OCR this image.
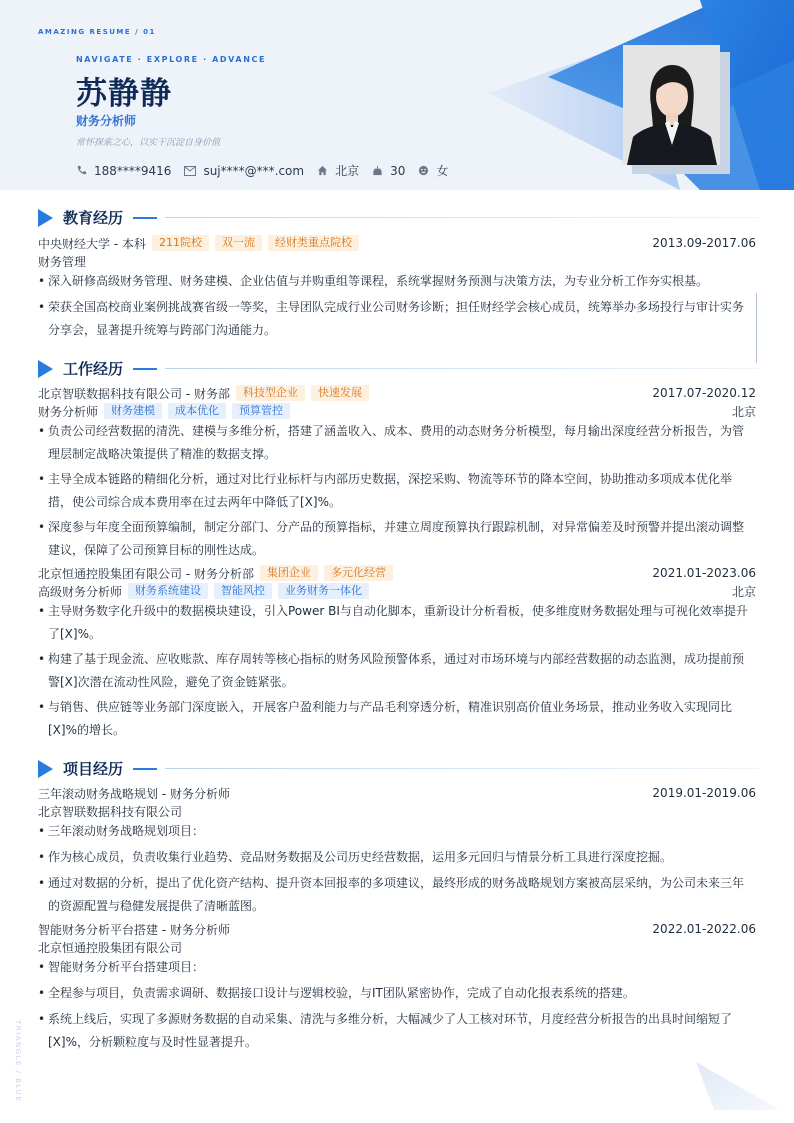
AMAZING RESUME / 01
NAVIGATE · EXPLORE · ADVANCE
苏静静
财务分析师
常怀探索之心，以实干沉淀自身价值
188****9416	suj****@***.com	北京	30	女
教育经历
中央财经大学 - 本科	211院校	双一流	经财类重点院校	2013.09-2017.06
财务管理
• 深入研修高级财务管理、财务建模、企业估值与并购重组等课程，系统掌握财务预测与决策方法，为专业分析工作夯实根基。
• 荣获全国高校商业案例挑战赛省级一等奖，主导团队完成行业公司财务诊断；担任财经学会核心成员，统筹举办多场投行与审计实务分享会，显著提升统筹与跨部门沟通能力。
工作经历
北京智联数据科技有限公司 - 财务部	科技型企业	快速发展	2017.07-2020.12
财务分析师	财务建模	成本优化	预算管控	北京
• 负责公司经营数据的清洗、建模与多维分析，搭建了涵盖收入、成本、费用的动态财务分析模型，每月输出深度经营分析报告，为管理层制定战略决策提供了精准的数据支撑。
• 主导全成本链路的精细化分析，通过对比行业标杆与内部历史数据，深挖采购、物流等环节的降本空间，协助推动多项成本优化举措，使公司综合成本费用率在过去两年中降低了[X]%。
• 深度参与年度全面预算编制，制定分部门、分产品的预算指标，并建立周度预算执行跟踪机制，对异常偏差及时预警并提出滚动调整建议，保障了公司预算目标的刚性达成。
北京恒通控股集团有限公司 - 财务分析部	集团企业	多元化经营	2021.01-2023.06
高级财务分析师	财务系统建设	智能风控	业务财务一体化	北京
• 主导财务数字化升级中的数据模块建设，引入Power BI与自动化脚本，重新设计分析看板，使多维度财务数据处理与可视化效率提升了[X]%。
• 构建了基于现金流、应收账款、库存周转等核心指标的财务风险预警体系，通过对市场环境与内部经营数据的动态监测，成功提前预警[X]次潜在流动性风险，避免了资金链紧张。
• 与销售、供应链等业务部门深度嵌入，开展客户盈利能力与产品毛利穿透分析，精准识别高价值业务场景，推动业务收入实现同比[X]%的增长。
项目经历
三年滚动财务战略规划 - 财务分析师	2019.01-2019.06
北京智联数据科技有限公司
• 三年滚动财务战略规划项目：
• 作为核心成员，负责收集行业趋势、竞品财务数据及公司历史经营数据，运用多元回归与情景分析工具进行深度挖掘。
• 通过对数据的分析，提出了优化资产结构、提升资本回报率的多项建议，最终形成的财务战略规划方案被高层采纳，为公司未来三年的资源配置与稳健发展提供了清晰蓝图。
智能财务分析平台搭建 - 财务分析师	2022.01-2022.06
北京恒通控股集团有限公司
• 智能财务分析平台搭建项目：
• 全程参与项目，负责需求调研、数据接口设计与逻辑校验，与IT团队紧密协作，完成了自动化报表系统的搭建。
• 系统上线后，实现了多源财务数据的自动采集、清洗与多维分析，大幅减少了人工核对环节，月度经营分析报告的出具时间缩短了[X]%，分析颗粒度与及时性显著提升。
TRIANGLE / BLUE
